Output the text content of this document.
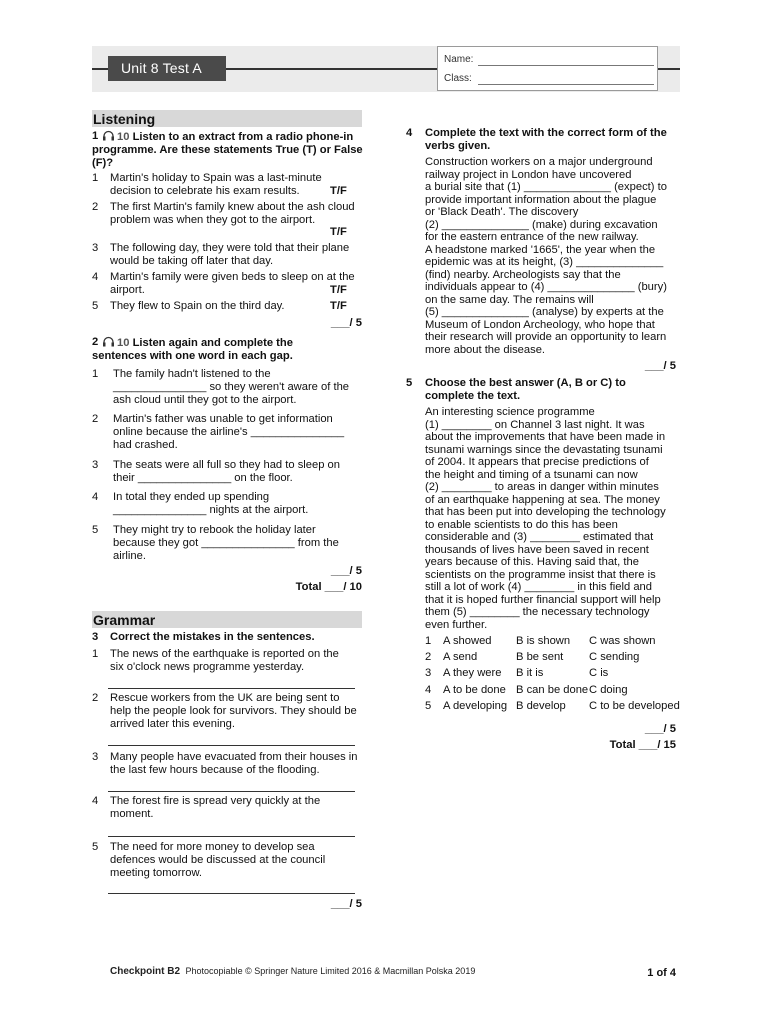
Unit 8 Test A
Name:
Class:
Listening
1	10 Listen to an extract from a radio phone-in programme. Are these statements True (T) or False (F)?
1 Martin's holiday to Spain was a last-minute decision to celebrate his exam results.	T/F
2 The first Martin's family knew about the ash cloud problem was when they got to the airport.
T/F
3 The following day, they were told that their plane would be taking off later that day.
4 Martin's family were given beds to sleep on at the airport.	T/F
5 They flew to Spain on the third day.	T/F
___/ 5
2	10 Listen again and complete the sentences with one word in each gap.
1 The family hadn't listened to the _______________ so they weren't aware of the ash cloud until they got to the airport.
2 Martin's father was unable to get information online because the airline's _______________ had crashed.
3 The seats were all full so they had to sleep on their _______________ on the floor.
4 In total they ended up spending _______________ nights at the airport.
5 They might try to rebook the holiday later because they got _______________ from the airline.
___/ 5
Total ___/ 10
Grammar
3 Correct the mistakes in the sentences.
1 The news of the earthquake is reported on the six o'clock news programme yesterday.
2 Rescue workers from the UK are being sent to help the people look for survivors. They should be arrived later this evening.
3 Many people have evacuated from their houses in the last few hours because of the flooding.
4 The forest fire is spread very quickly at the moment.
5 The need for more money to develop sea defences would be discussed at the council meeting tomorrow.
___/ 5
4 Complete the text with the correct form of the verbs given.
Construction workers on a major underground
railway project in London have uncovered
a burial site that (1) ______________ (expect) to
provide important information about the plague
or 'Black Death'. The discovery
(2) ______________ (make) during excavation
for the eastern entrance of the new railway.
A headstone marked '1665', the year when the
epidemic was at its height, (3) ______________
(find) nearby. Archeologists say that the
individuals appear to (4) ______________ (bury)
on the same day. The remains will
(5) ______________ (analyse) by experts at the
Museum of London Archeology, who hope that
their research will provide an opportunity to learn
more about the disease.
___/ 5
5 Choose the best answer (A, B or C) to complete the text.
An interesting science programme
(1) ________ on Channel 3 last night. It was
about the improvements that have been made in
tsunami warnings since the devastating tsunami
of 2004. It appears that precise predictions of
the height and timing of a tsunami can now
(2) ________ to areas in danger within minutes
of an earthquake happening at sea. The money
that has been put into developing the technology
to enable scientists to do this has been
considerable and (3) ________ estimated that
thousands of lives have been saved in recent
years because of this. Having said that, the
scientists on the programme insist that there is
still a lot of work (4) ________ in this field and
that it is hoped further financial support will help
them (5) ________ the necessary technology
even further.
1 A showed B is shown C was shown
2 A send	B be sent C sending
3 A they were B it is	C is
4 A to be done B can be done C doing
5 A developing B develop C to be developed
___/ 5
Total ___/ 15
Checkpoint B2 Photocopiable © Springer Nature Limited 2016 & Macmillan Polska 2019	1 of 4
